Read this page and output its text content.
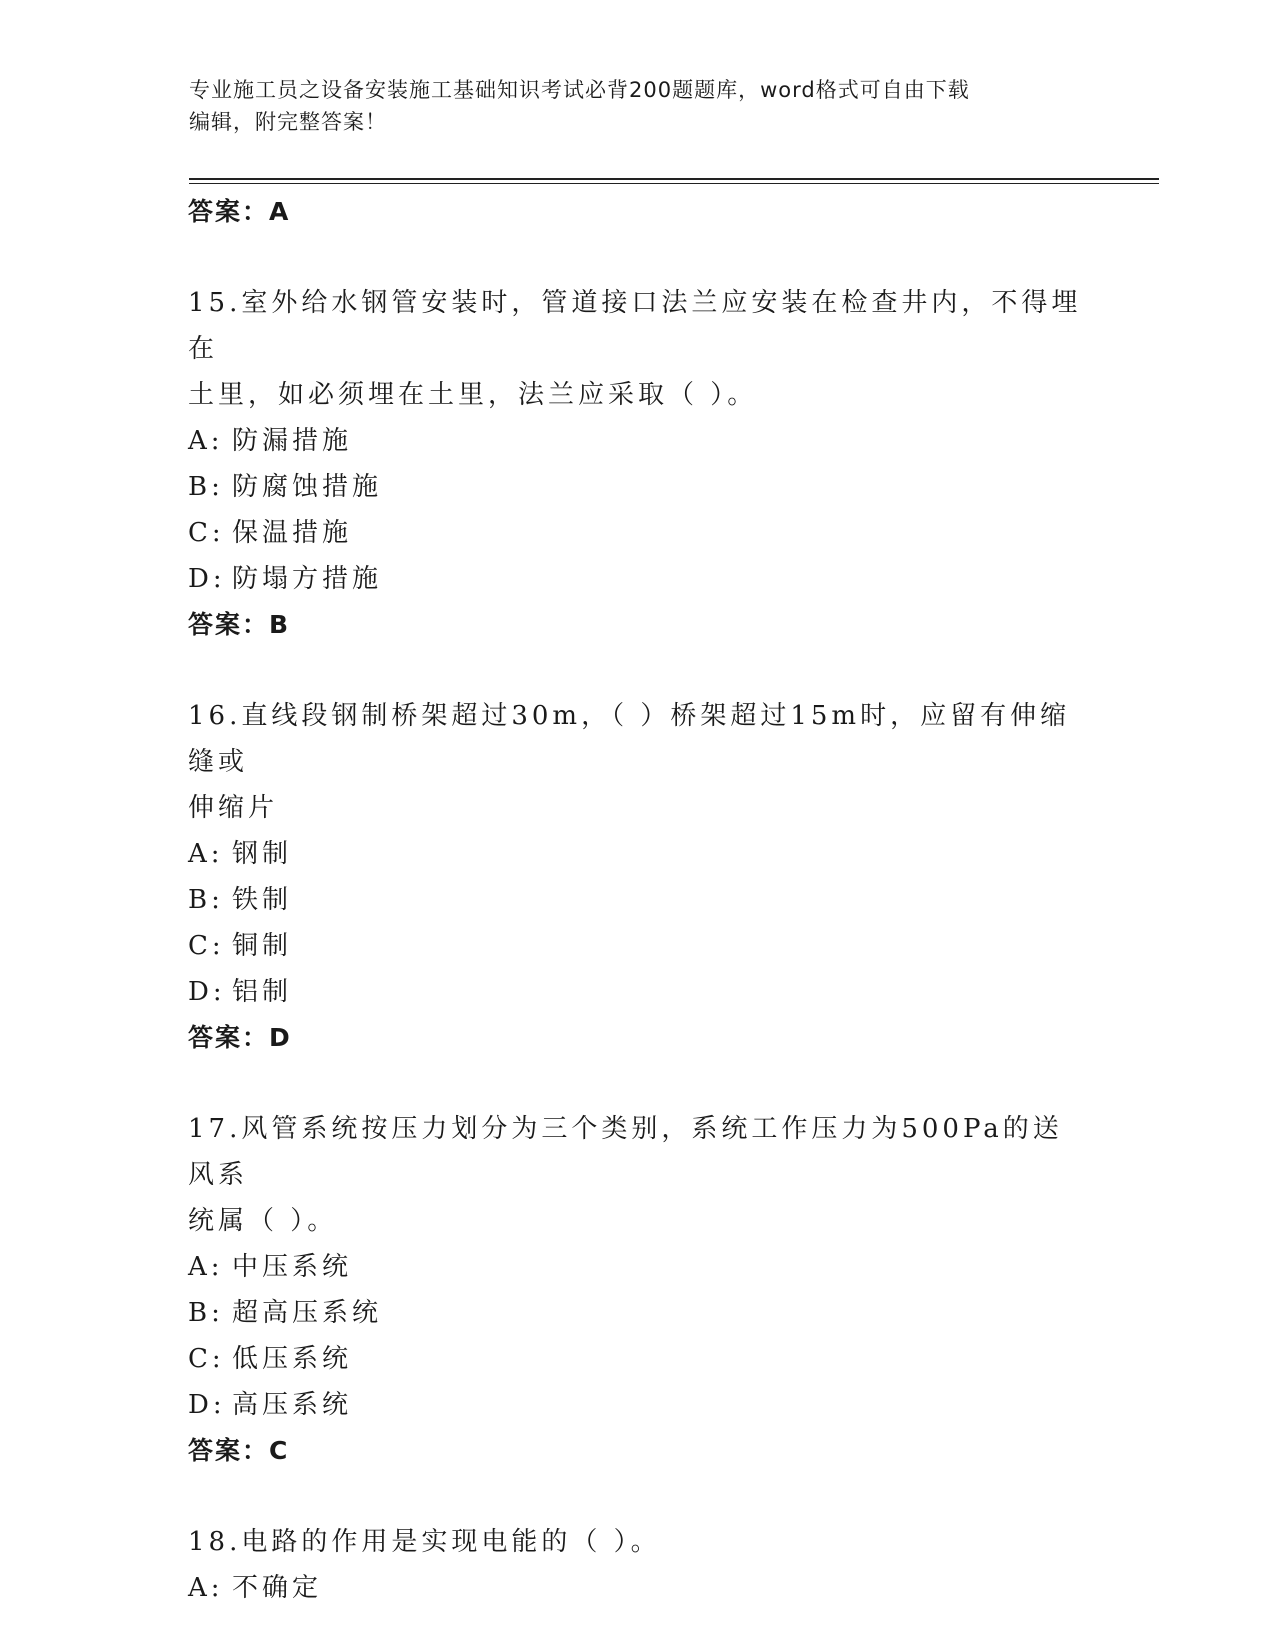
专业施工员之设备安装施工基础知识考试必背200题题库，word格式可自由下载
编辑，附完整答案！
答案：A
15.室外给水钢管安装时，管道接口法兰应安装在检查井内，不得埋在
土里，如必须埋在土里，法兰应采取（ ）。
A: 防漏措施
B: 防腐蚀措施
C: 保温措施
D: 防塌方措施
答案：B
16.直线段钢制桥架超过30m，（ ）桥架超过15m时，应留有伸缩缝或
伸缩片
A: 钢制
B: 铁制
C: 铜制
D: 铝制
答案：D
17.风管系统按压力划分为三个类别，系统工作压力为500Pa的送风系
统属（ ）。
A: 中压系统
B: 超高压系统
C: 低压系统
D: 高压系统
答案：C
18.电路的作用是实现电能的（ ）。
A: 不确定
